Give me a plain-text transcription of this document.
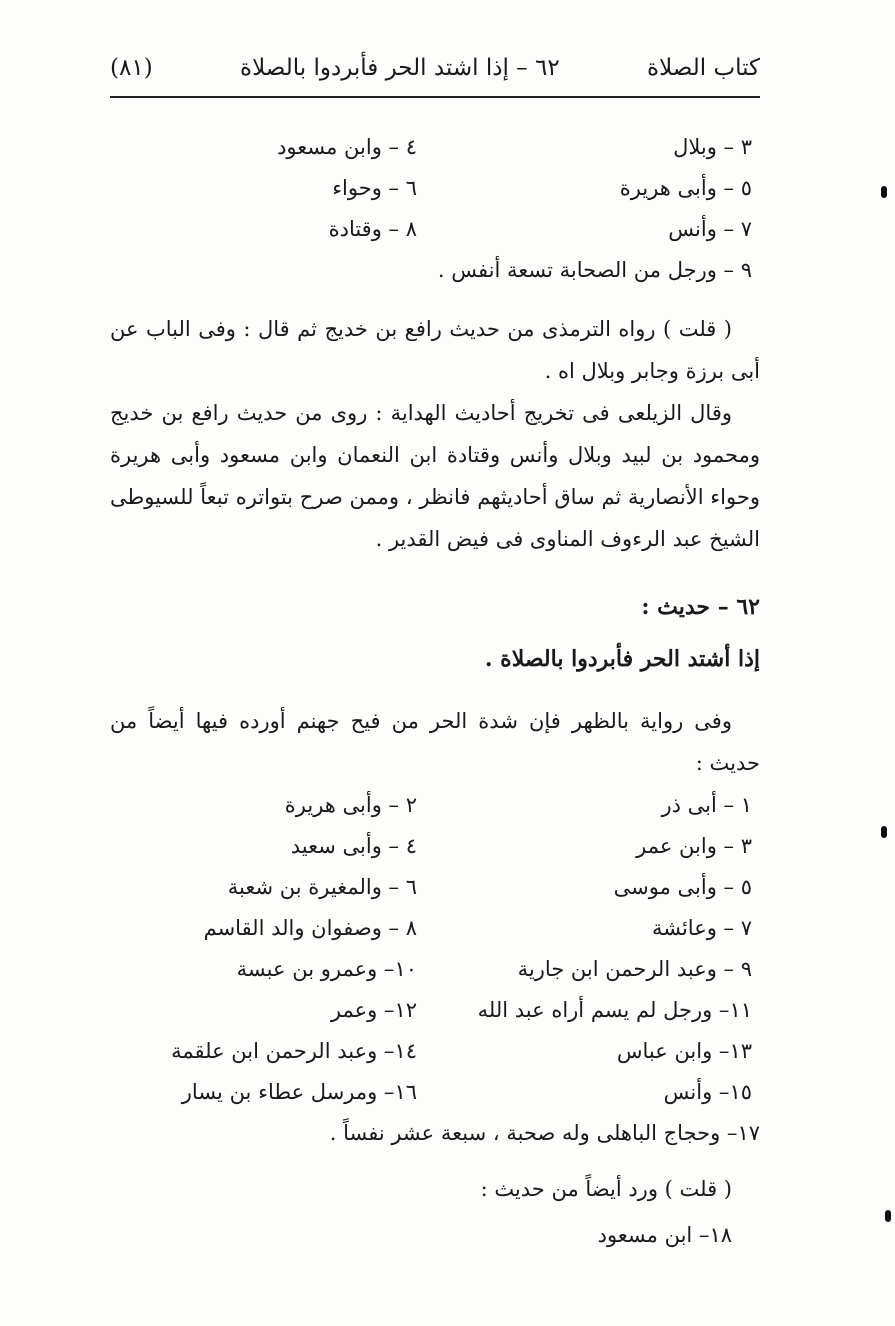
كتاب الصلاة
٦٢ – إذا اشتد الحر فأبردوا بالصلاة
(٨١)
٣ – وبلال
٤ – وابن مسعود
٥ – وأبى هريرة
٦ – وحواء
٧ – وأنس
٨ – وقتادة
٩ – ورجل من الصحابة تسعة أنفس .
( قلت ) رواه الترمذى من حديث رافع بن خديج ثم قال : وفى الباب عن أبى برزة وجابر وبلال اه .
وقال الزيلعى فى تخريج أحاديث الهداية : روى من حديث رافع بن خديج ومحمود بن لبيد وبلال وأنس وقتادة ابن النعمان وابن مسعود وأبى هريرة وحواء الأنصارية ثم ساق أحاديثهم فانظر ، وممن صرح بتواتره تبعاً للسيوطى الشيخ عبد الرءوف المناوى فى فيض القدير .
٦٢ – حديث :
إذا أشتد الحر فأبردوا بالصلاة .
وفى رواية بالظهر فإن شدة الحر من فيح جهنم أورده فيها أيضاً من حديث :
١ – أبى ذر
٢ – وأبى هريرة
٣ – وابن عمر
٤ – وأبى سعيد
٥ – وأبى موسى
٦ – والمغيرة بن شعبة
٧ – وعائشة
٨ – وصفوان والد القاسم
٩ – وعبد الرحمن ابن جارية
١٠– وعمرو بن عبسة
١١– ورجل لم يسم أراه عبد الله
١٢– وعمر
١٣– وابن عباس
١٤– وعبد الرحمن ابن علقمة
١٥– وأنس
١٦– ومرسل عطاء بن يسار
١٧– وحجاج الباهلى وله صحبة ، سبعة عشر نفساً .
( قلت ) ورد أيضاً من حديث :
١٨– ابن مسعود
